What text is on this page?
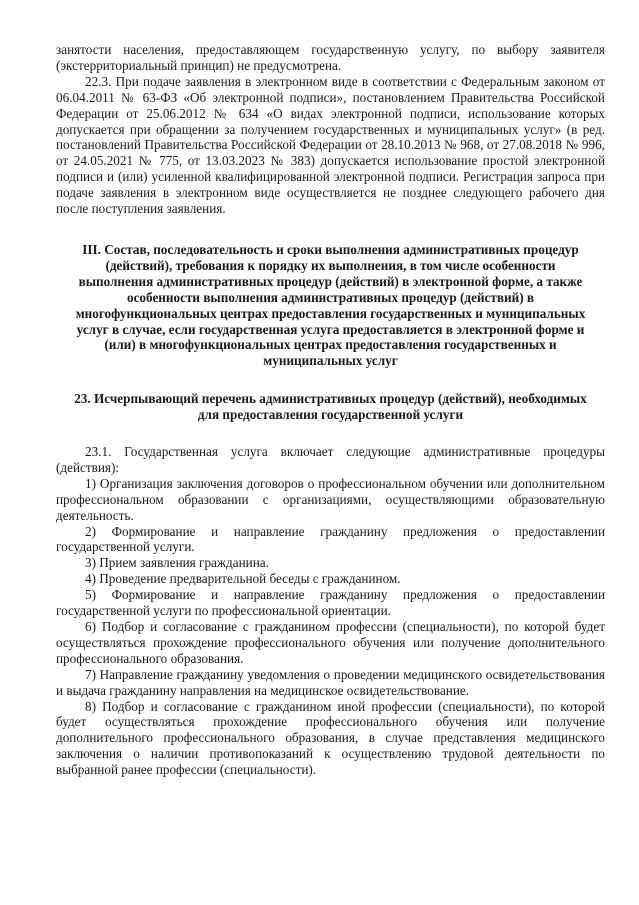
занятости населения, предоставляющем государственную услугу, по выбору заявителя (экстерриториальный принцип) не предусмотрена.

22.3. При подаче заявления в электронном виде в соответствии с Федеральным законом от 06.04.2011 № 63-ФЗ «Об электронной подписи», постановлением Правительства Российской Федерации от 25.06.2012 № 634 «О видах электронной подписи, использование которых допускается при обращении за получением государственных и муниципальных услуг» (в ред. постановлений Правительства Российской Федерации от 28.10.2013 № 968, от 27.08.2018 № 996, от 24.05.2021 № 775, от 13.03.2023 № 383) допускается использование простой электронной подписи и (или) усиленной квалифицированной электронной подписи. Регистрация запроса при подаче заявления в электронном виде осуществляется не позднее следующего рабочего дня после поступления заявления.

III. Состав, последовательность и сроки выполнения административных процедур (действий), требования к порядку их выполнения, в том числе особенности выполнения административных процедур (действий) в электронной форме, а также особенности выполнения административных процедур (действий) в многофункциональных центрах предоставления государственных и муниципальных услуг в случае, если государственная услуга предоставляется в электронной форме и (или) в многофункциональных центрах предоставления государственных и муниципальных услуг

23. Исчерпывающий перечень административных процедур (действий), необходимых для предоставления государственной услуги

23.1. Государственная услуга включает следующие административные процедуры (действия):

1) Организация заключения договоров о профессиональном обучении или дополнительном профессиональном образовании с организациями, осуществляющими образовательную деятельность.

2) Формирование и направление гражданину предложения о предоставлении государственной услуги.

3) Прием заявления гражданина.

4) Проведение предварительной беседы с гражданином.

5) Формирование и направление гражданину предложения о предоставлении государственной услуги по профессиональной ориентации.

6) Подбор и согласование с гражданином профессии (специальности), по которой будет осуществляться прохождение профессионального обучения или получение дополнительного профессионального образования.

7) Направление гражданину уведомления о проведении медицинского освидетельствования и выдача гражданину направления на медицинское освидетельствование.

8) Подбор и согласование с гражданином иной профессии (специальности), по которой будет осуществляться прохождение профессионального обучения или получение дополнительного профессионального образования, в случае представления медицинского заключения о наличии противопоказаний к осуществлению трудовой деятельности по выбранной ранее профессии (специальности).
